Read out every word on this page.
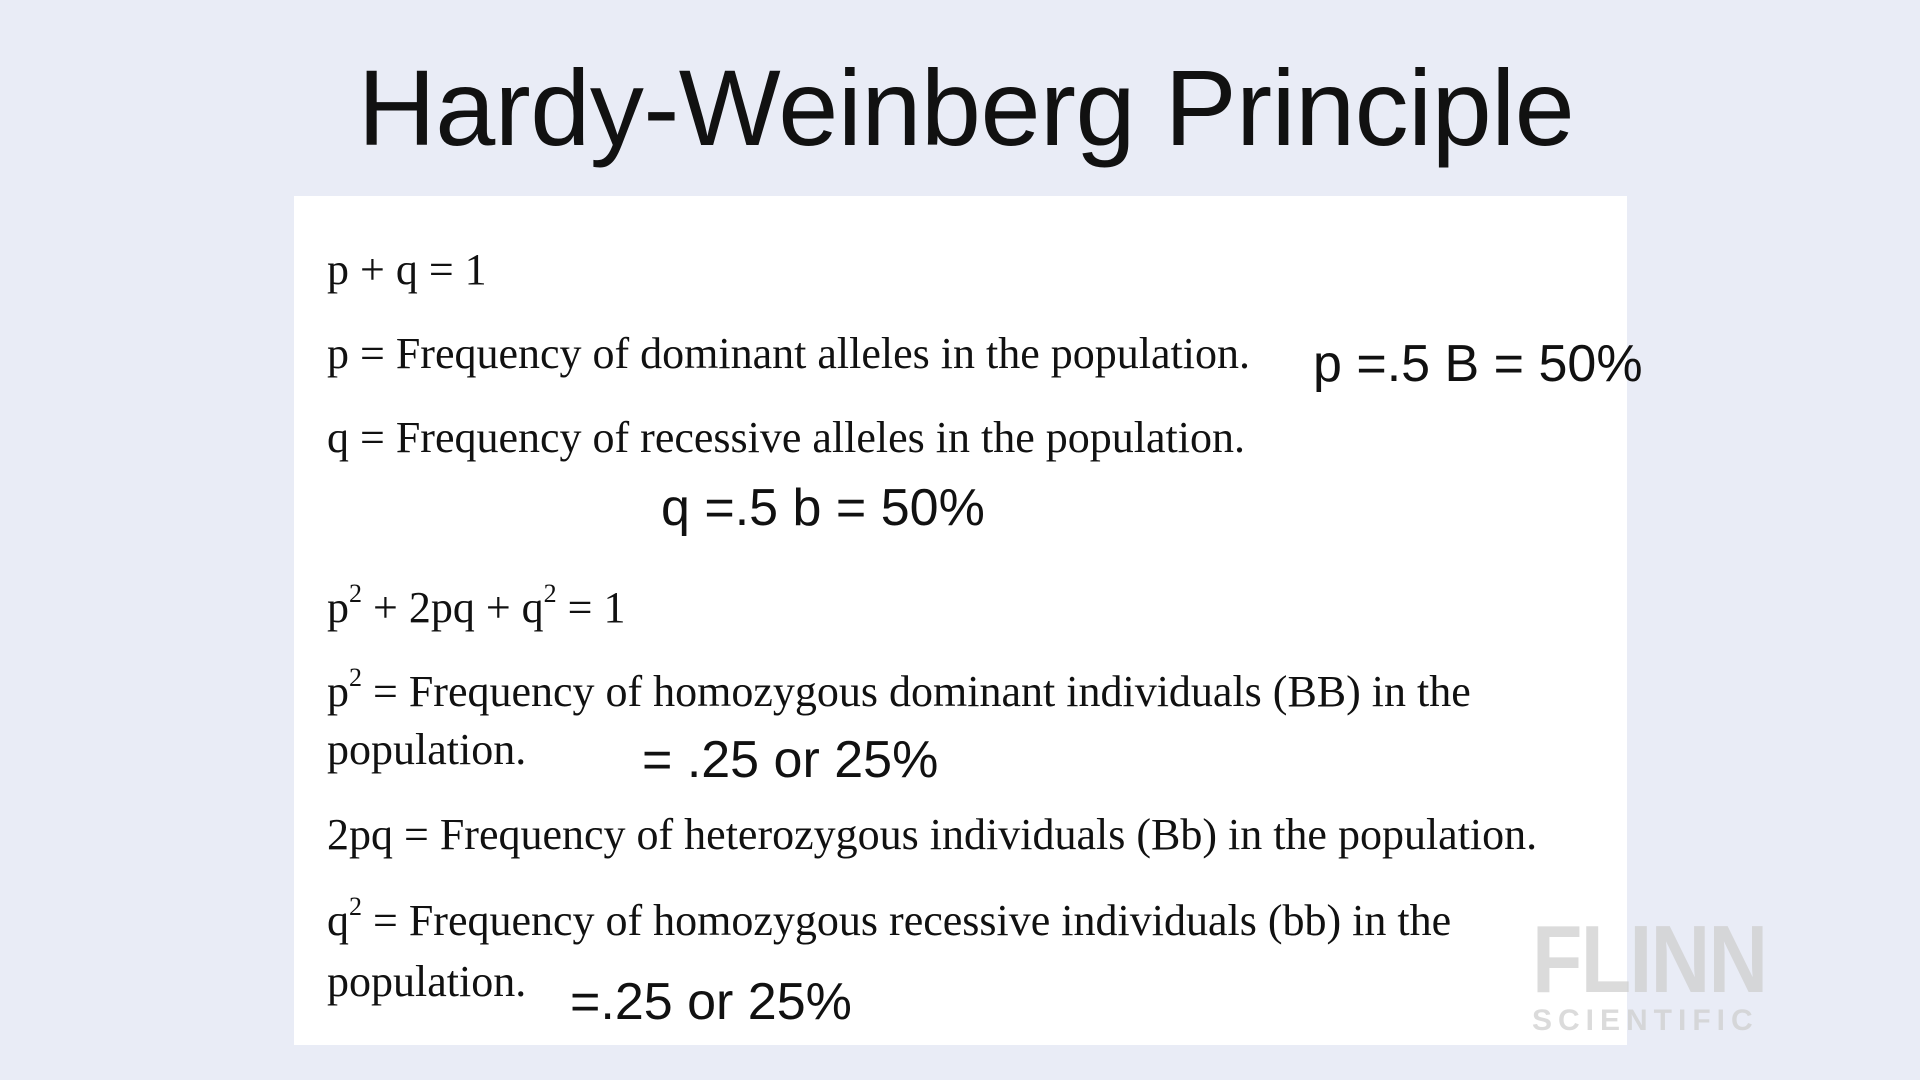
Hardy-Weinberg Principle
p + q = 1
p = Frequency of dominant alleles in the population.
q = Frequency of recessive alleles in the population.
$p^2 + 2pq + q^2 = 1$
$p^2$ = Frequency of homozygous dominant individuals (BB) in the
population.
2pq = Frequency of heterozygous individuals (Bb) in the population.
$q^2$ = Frequency of homozygous recessive individuals (bb) in the
population.
p =.5 B = 50%
q =.5 b = 50%
= .25 or 25%
=.25 or 25%	FLINN
SCIENTIFIC
